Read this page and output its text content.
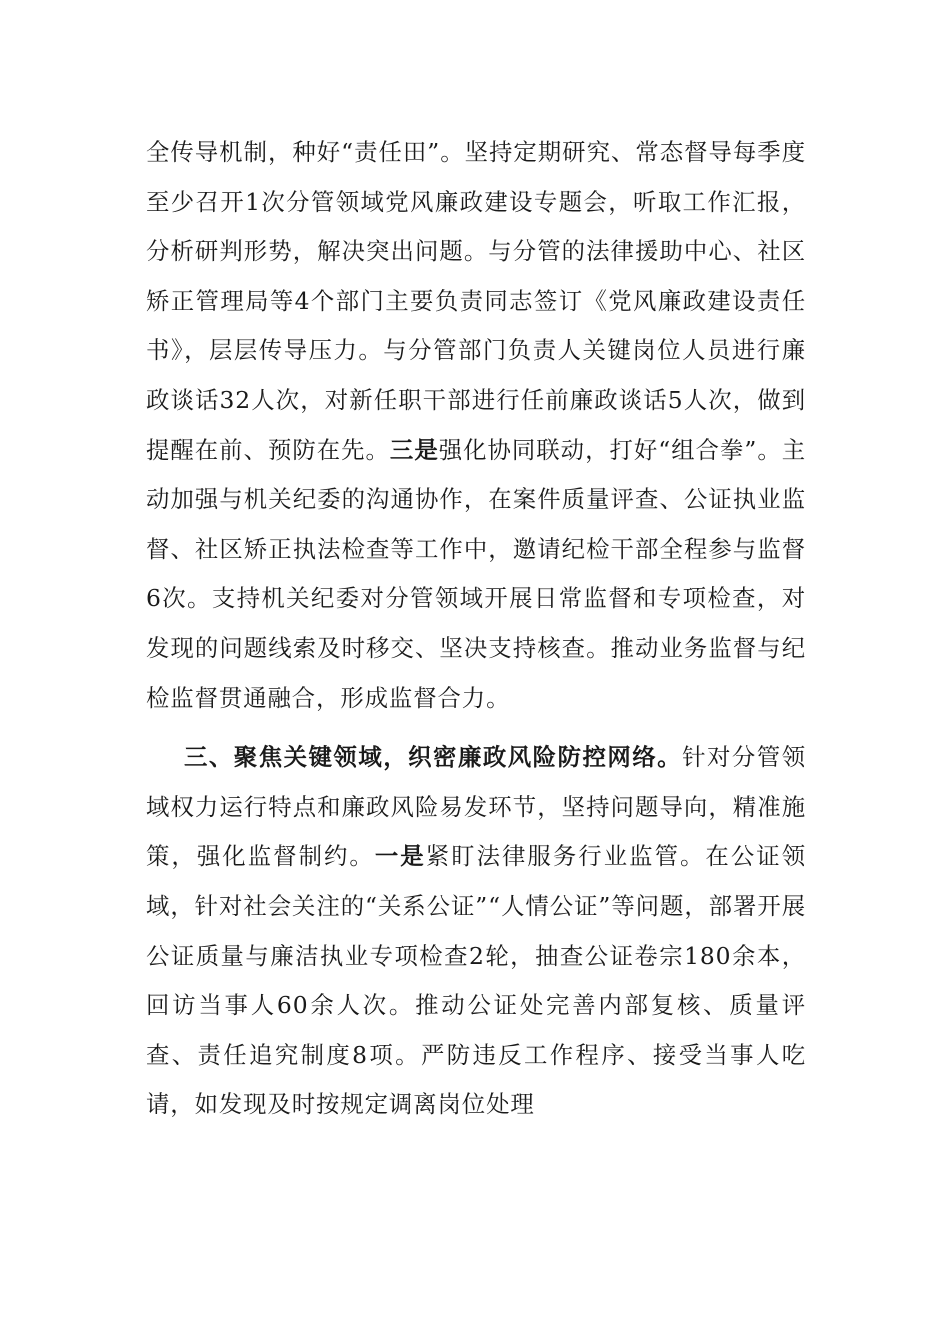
全传导机制，种好“责任田”。坚持定期研究、常态督导每季度至少召开1次分管领域党风廉政建设专题会，听取工作汇报，分析研判形势，解决突出问题。与分管的法律援助中心、社区矫正管理局等4个部门主要负责同志签订《党风廉政建设责任书》，层层传导压力。与分管部门负责人关键岗位人员进行廉政谈话32人次，对新任职干部进行任前廉政谈话5人次，做到提醒在前、预防在先。三是强化协同联动，打好“组合拳”。主动加强与机关纪委的沟通协作，在案件质量评查、公证执业监督、社区矫正执法检查等工作中，邀请纪检干部全程参与监督6次。支持机关纪委对分管领域开展日常监督和专项检查，对发现的问题线索及时移交、坚决支持核查。推动业务监督与纪检监督贯通融合，形成监督合力。

三、聚焦关键领域，织密廉政风险防控网络。针对分管领域权力运行特点和廉政风险易发环节，坚持问题导向，精准施策，强化监督制约。一是紧盯法律服务行业监管。在公证领域，针对社会关注的“关系公证”“人情公证”等问题，部署开展公证质量与廉洁执业专项检查2轮，抽查公证卷宗180余本，回访当事人60余人次。推动公证处完善内部复核、质量评查、责任追究制度8项。严防违反工作程序、接受当事人吃请，如发现及时按规定调离岗位处理
